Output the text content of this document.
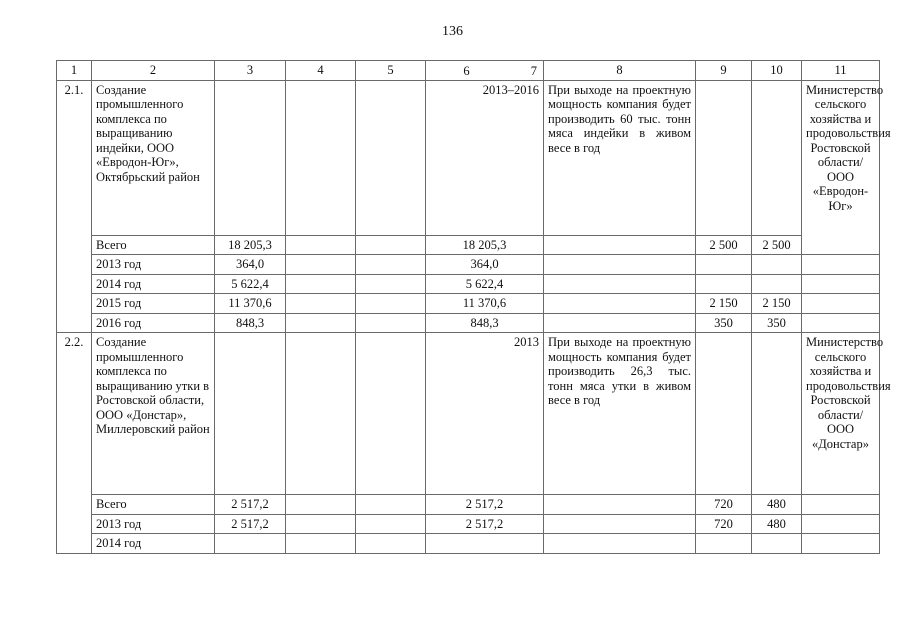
136
1	2	3	4	5	6 7	8	9	10	11
2.1.	Создание промышленного комплекса по выращиванию индейки, ООО «Евродон-Юг», Октябрьский район				2013–2016	При выходе на проектную мощность компания будет производить 60 тыс. тонн мяса индейки в живом весе в год			Министерство сельского хозяйства и продовольствия Ростовской области/ ООО «Евродон-Юг»
	Всего	18 205,3			18 205,3		2 500	2 500	
	2013 год	364,0			364,0				
	2014 год	5 622,4			5 622,4				
	2015 год	11 370,6			11 370,6		2 150	2 150	
	2016 год	848,3			848,3		350	350	
2.2.	Создание промышленного комплекса по выращиванию утки в Ростовской области, ООО «Донстар», Миллеровский район				2013	При выходе на проектную мощность компания будет производить 26,3 тыс. тонн мяса утки в живом весе в год			Министерство сельского хозяйства и продовольствия Ростовской области/ ООО «Донстар»
	Всего	2 517,2			2 517,2		720	480	
	2013 год	2 517,2			2 517,2		720	480	
	2014 год								
